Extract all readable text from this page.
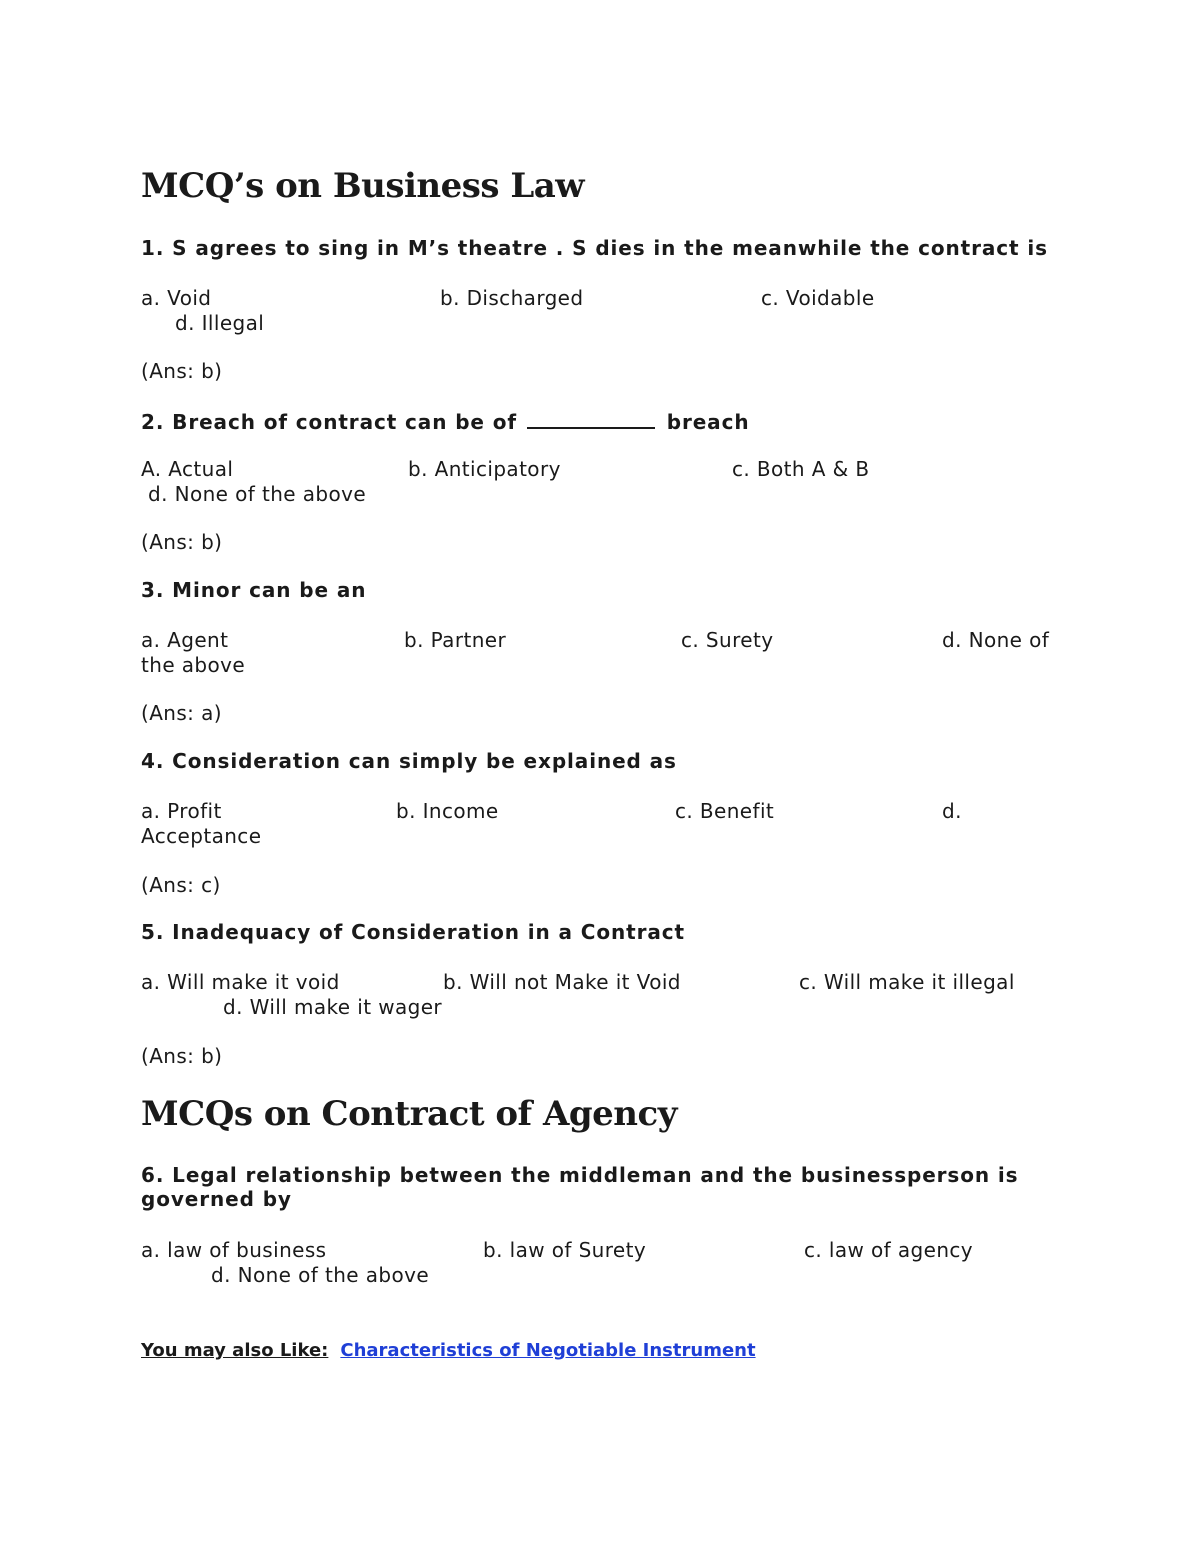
MCQ’s on Business Law
1. S agrees to sing in M’s theatre . S dies in the meanwhile the contract is
a. Void	b. Discharged	c. Voidable
d. Illegal
(Ans: b)
2. Breach of contract can be of	breach
A. Actual	b. Anticipatory	c. Both A & B
d. None of the above
(Ans: b)
3. Minor can be an
a. Agent	b. Partner	c. Surety	d. None of
the above
(Ans: a)
4. Consideration can simply be explained as
a. Profit	b. Income	c. Benefit	d.
Acceptance
(Ans: c)
5. Inadequacy of Consideration in a Contract
a. Will make it void	b. Will not Make it Void	c. Will make it illegal
d. Will make it wager
(Ans: b)
MCQs on Contract of Agency
6. Legal relationship between the middleman and the businessperson is governed by
a. law of business	b. law of Surety	c. law of agency
d. None of the above
You may also Like: Characteristics of Negotiable Instrument
